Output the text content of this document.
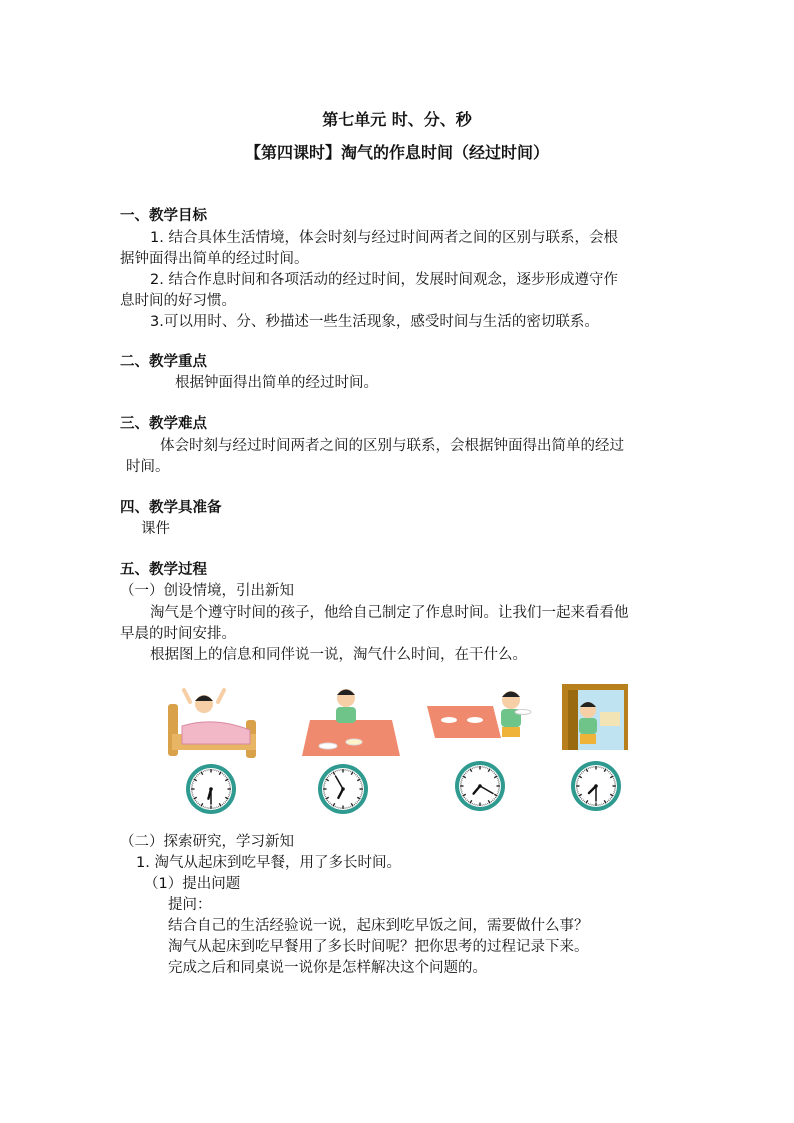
第七单元 时、分、秒
【第四课时】淘气的作息时间（经过时间）
一、教学目标
1. 结合具体生活情境，体会时刻与经过时间两者之间的区别与联系，会根
据钟面得出简单的经过时间。
2. 结合作息时间和各项活动的经过时间，发展时间观念，逐步形成遵守作
息时间的好习惯。
3.可以用时、分、秒描述一些生活现象，感受时间与生活的密切联系。
二、教学重点
根据钟面得出简单的经过时间。
三、教学难点
体会时刻与经过时间两者之间的区别与联系，会根据钟面得出简单的经过
时间。
四、教学具准备
课件
五、教学过程
（一）创设情境，引出新知
淘气是个遵守时间的孩子，他给自己制定了作息时间。让我们一起来看看他
早晨的时间安排。
根据图上的信息和同伴说一说，淘气什么时间，在干什么。
（二）探索研究，学习新知
1. 淘气从起床到吃早餐，用了多长时间。
（1）提出问题
提问：
结合自己的生活经验说一说，起床到吃早饭之间，需要做什么事？
淘气从起床到吃早餐用了多长时间呢？把你思考的过程记录下来。
完成之后和同桌说一说你是怎样解决这个问题的。
